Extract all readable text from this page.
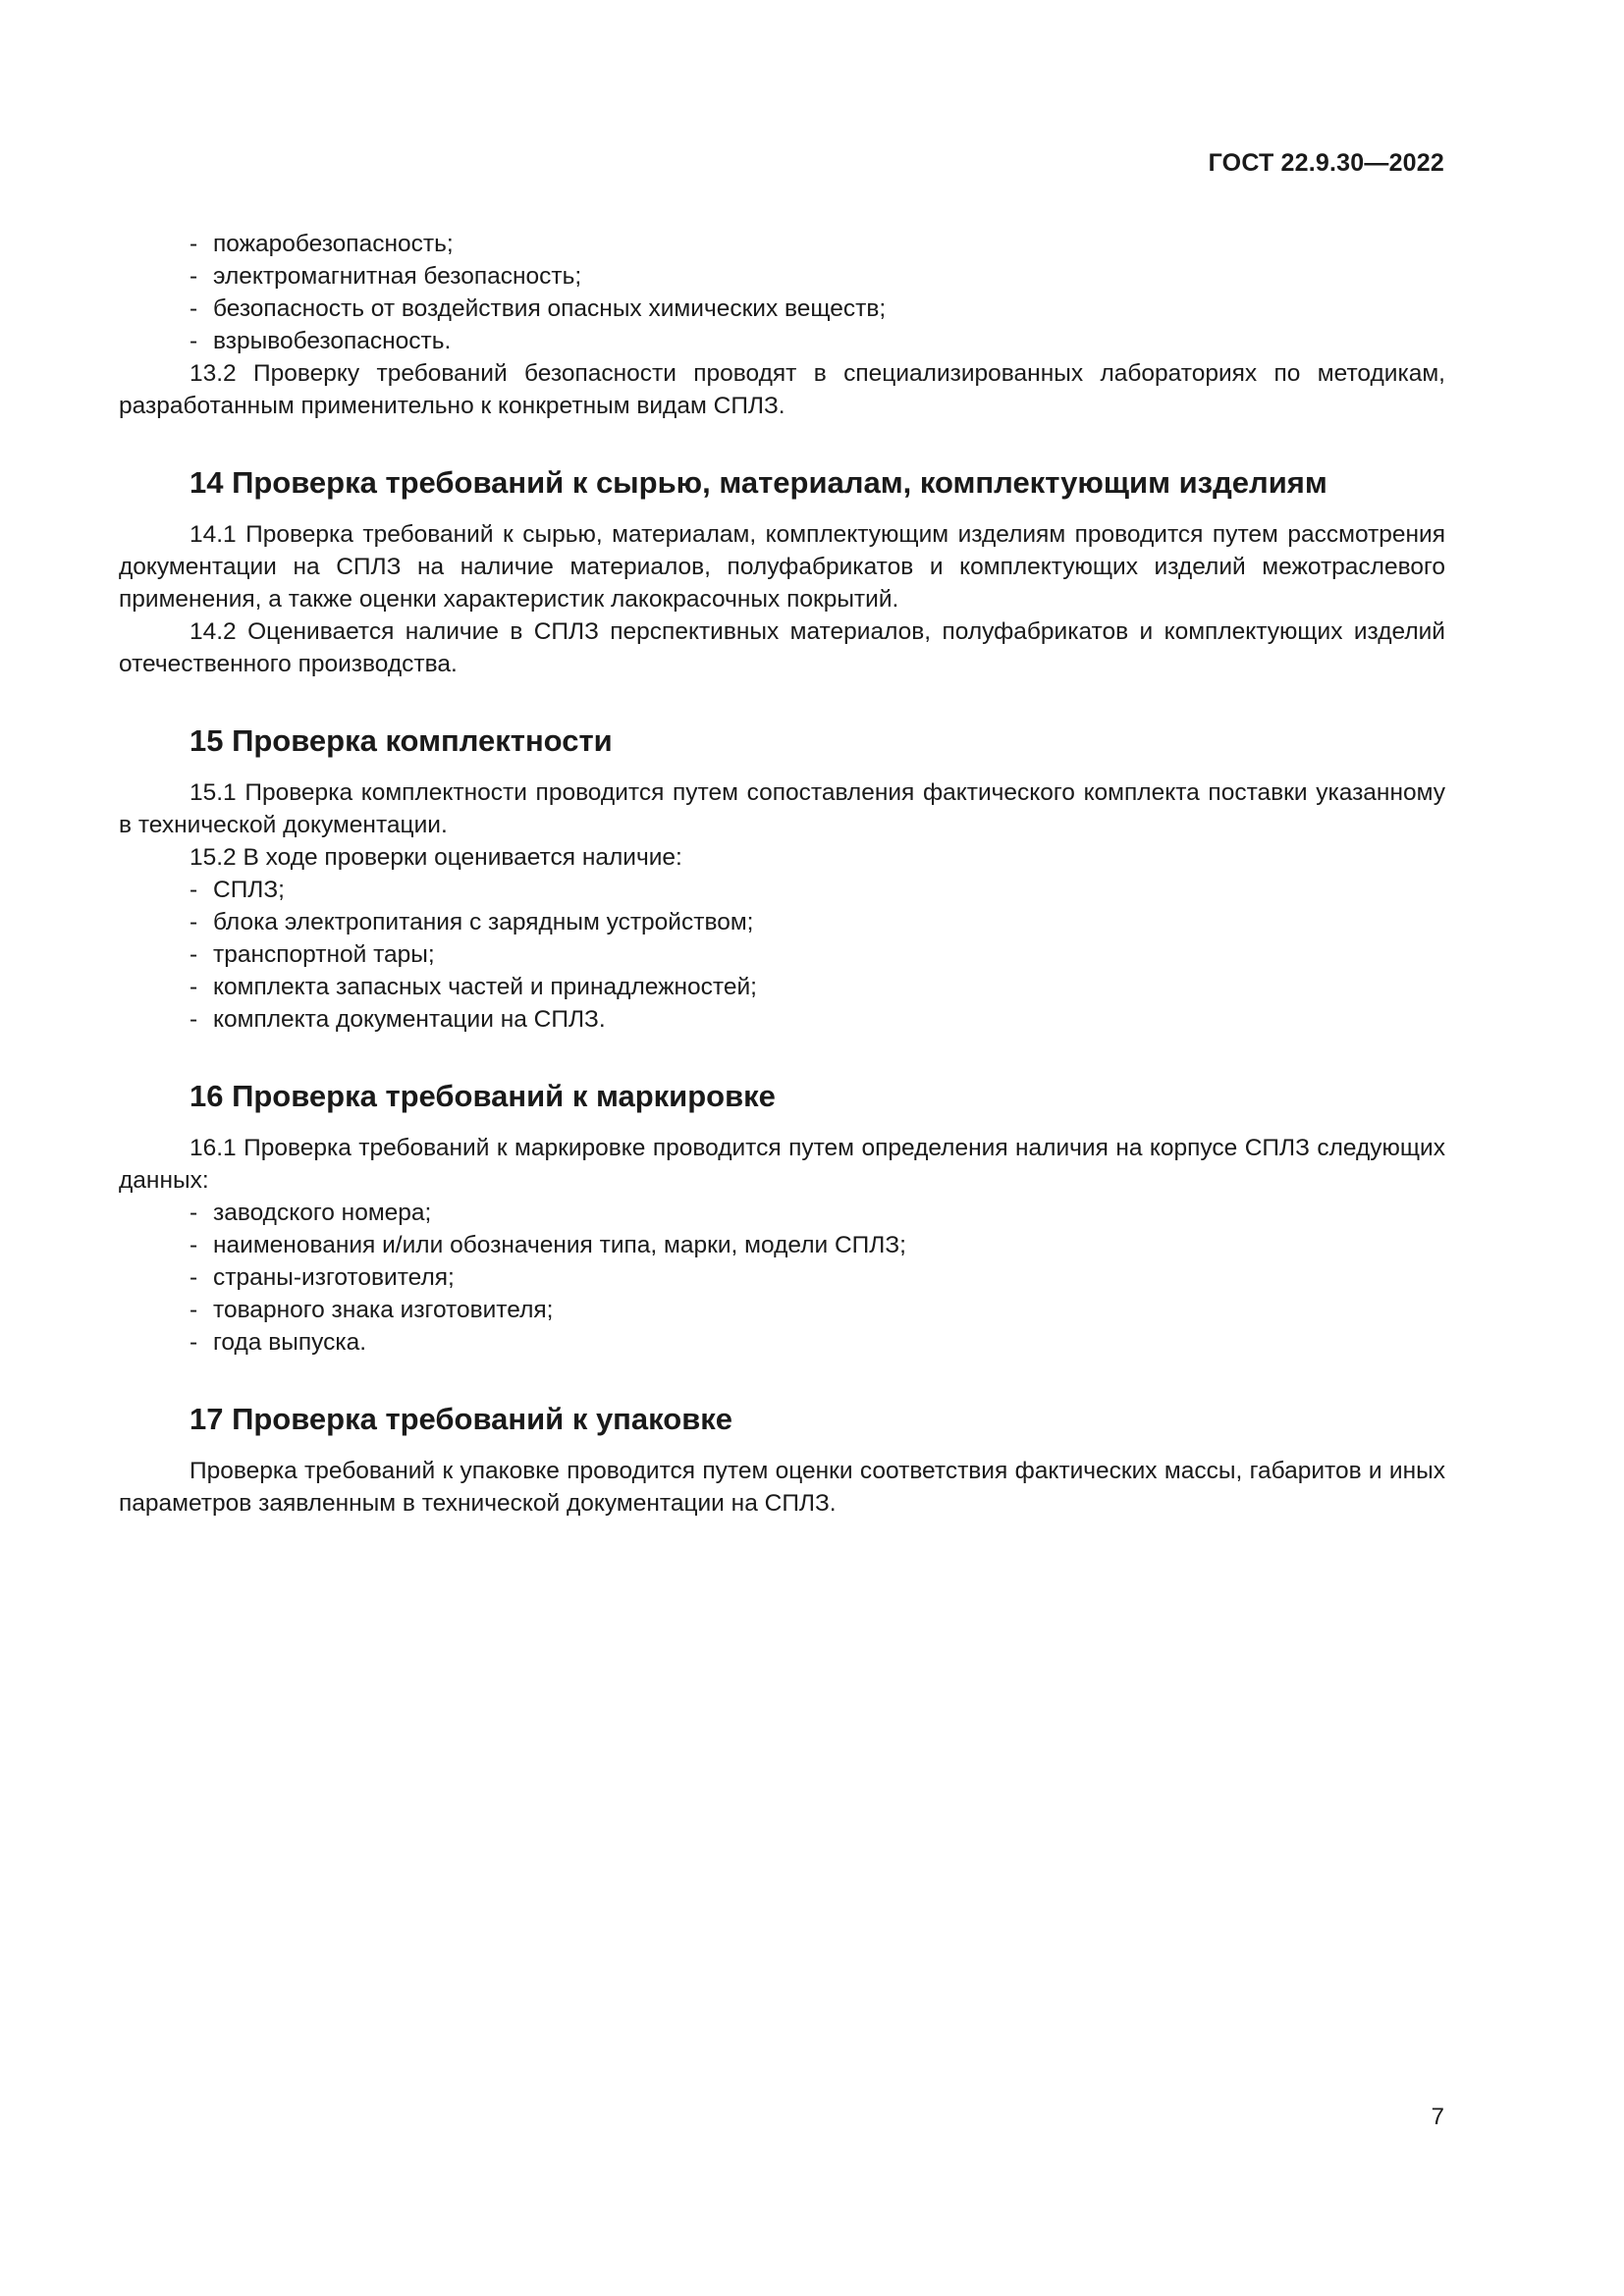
ГОСТ 22.9.30—2022

- пожаробезопасность;

- электромагнитная безопасность;

- безопасность от воздействия опасных химических веществ;

- взрывобезопасность.

13.2 Проверку требований безопасности проводят в специализированных лабораториях по методикам, разработанным применительно к конкретным видам СПЛЗ.

14 Проверка требований к сырью, материалам, комплектующим изделиям

14.1 Проверка требований к сырью, материалам, комплектующим изделиям проводится путем рассмотрения документации на СПЛЗ на наличие материалов, полуфабрикатов и комплектующих изделий межотраслевого применения, а также оценки характеристик лакокрасочных покрытий.

14.2 Оценивается наличие в СПЛЗ перспективных материалов, полуфабрикатов и комплектующих изделий отечественного производства.

15 Проверка комплектности

15.1 Проверка комплектности проводится путем сопоставления фактического комплекта поставки указанному в технической документации.

15.2 В ходе проверки оценивается наличие:

- СПЛЗ;

- блока электропитания с зарядным устройством;

- транспортной тары;

- комплекта запасных частей и принадлежностей;

- комплекта документации на СПЛЗ.

16 Проверка требований к маркировке

16.1 Проверка требований к маркировке проводится путем определения наличия на корпусе СПЛЗ следующих данных:

- заводского номера;

- наименования и/или обозначения типа, марки, модели СПЛЗ;

- страны-изготовителя;

- товарного знака изготовителя;

- года выпуска.

17 Проверка требований к упаковке

Проверка требований к упаковке проводится путем оценки соответствия фактических массы, габаритов и иных параметров заявленным в технической документации на СПЛЗ.

7
